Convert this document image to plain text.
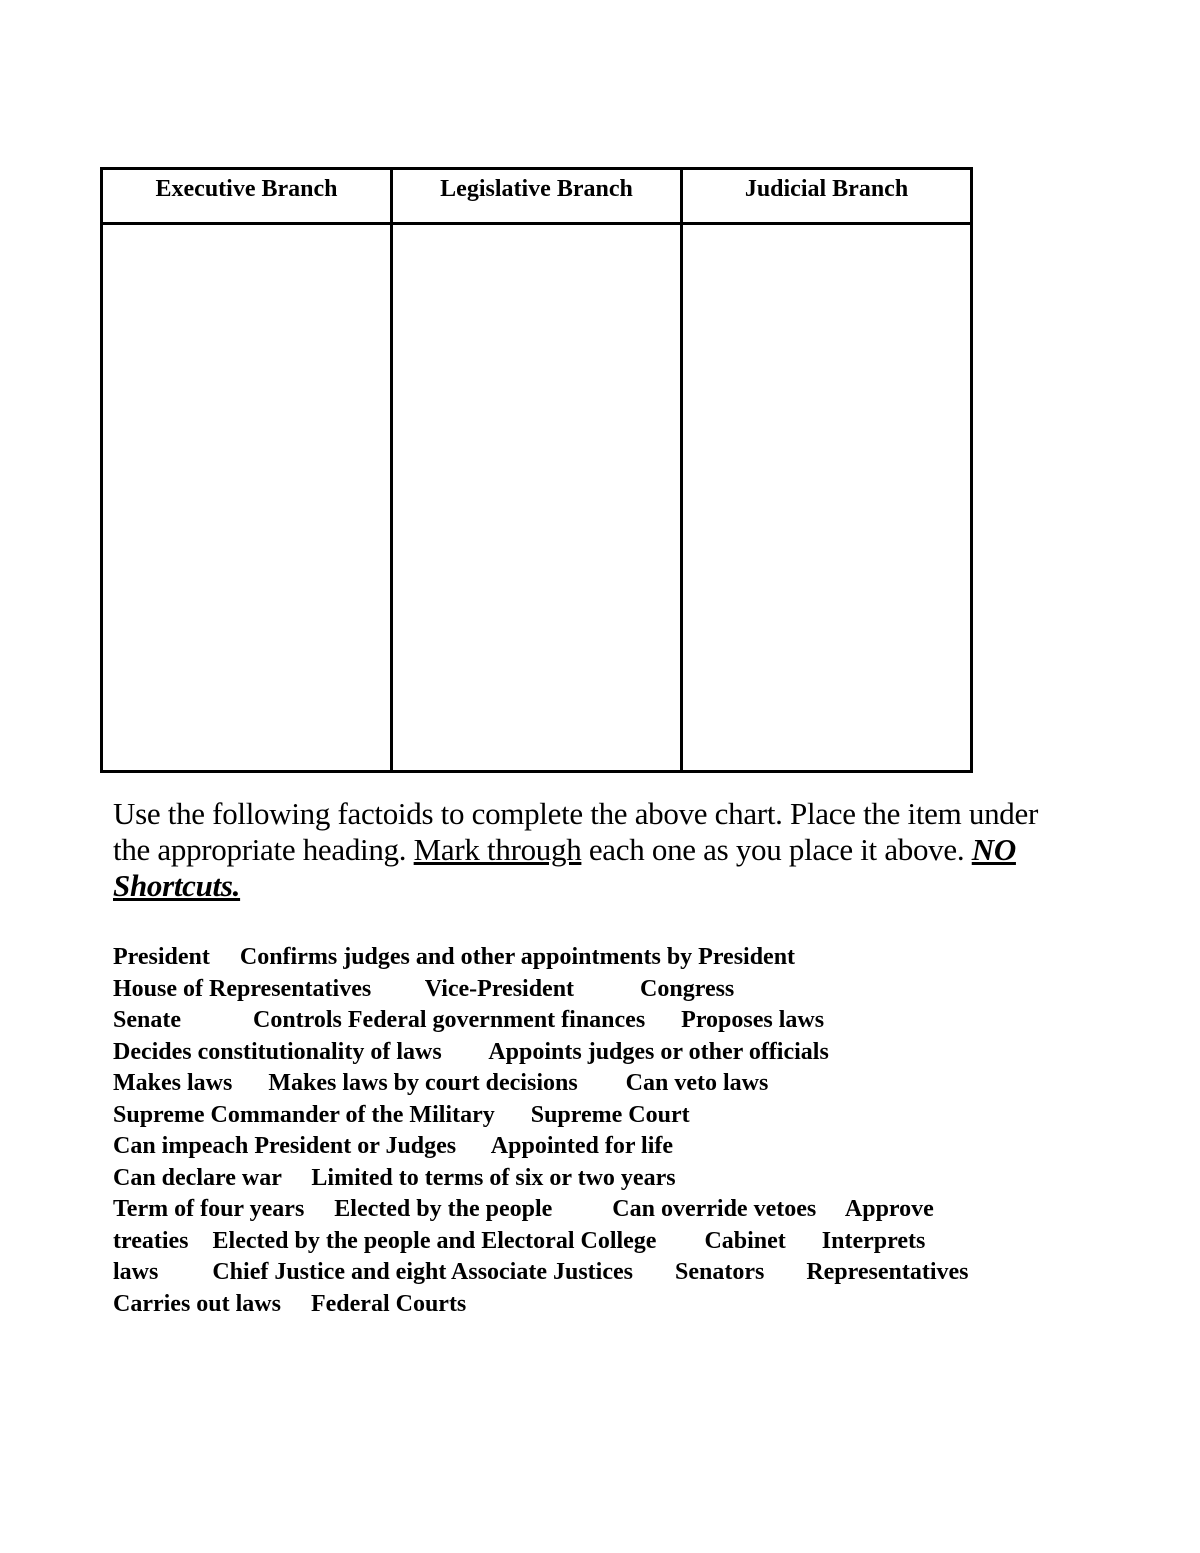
Executive Branch	Legislative Branch	Judicial Branch

Use the following factoids to complete the above chart. Place the item under
the appropriate heading. Mark through each one as you place it above. NO
Shortcuts.

President     Confirms judges and other appointments by President
House of Representatives         Vice-President           Congress
Senate            Controls Federal government finances      Proposes laws
Decides constitutionality of laws        Appoints judges or other officials
Makes laws      Makes laws by court decisions        Can veto laws
Supreme Commander of the Military      Supreme Court
Can impeach President or Judges      Appointed for life
Can declare war     Limited to terms of six or two years
Term of four years     Elected by the people          Can override vetoes     Approve
treaties    Elected by the people and Electoral College        Cabinet      Interprets
laws         Chief Justice and eight Associate Justices       Senators       Representatives
Carries out laws     Federal Courts
